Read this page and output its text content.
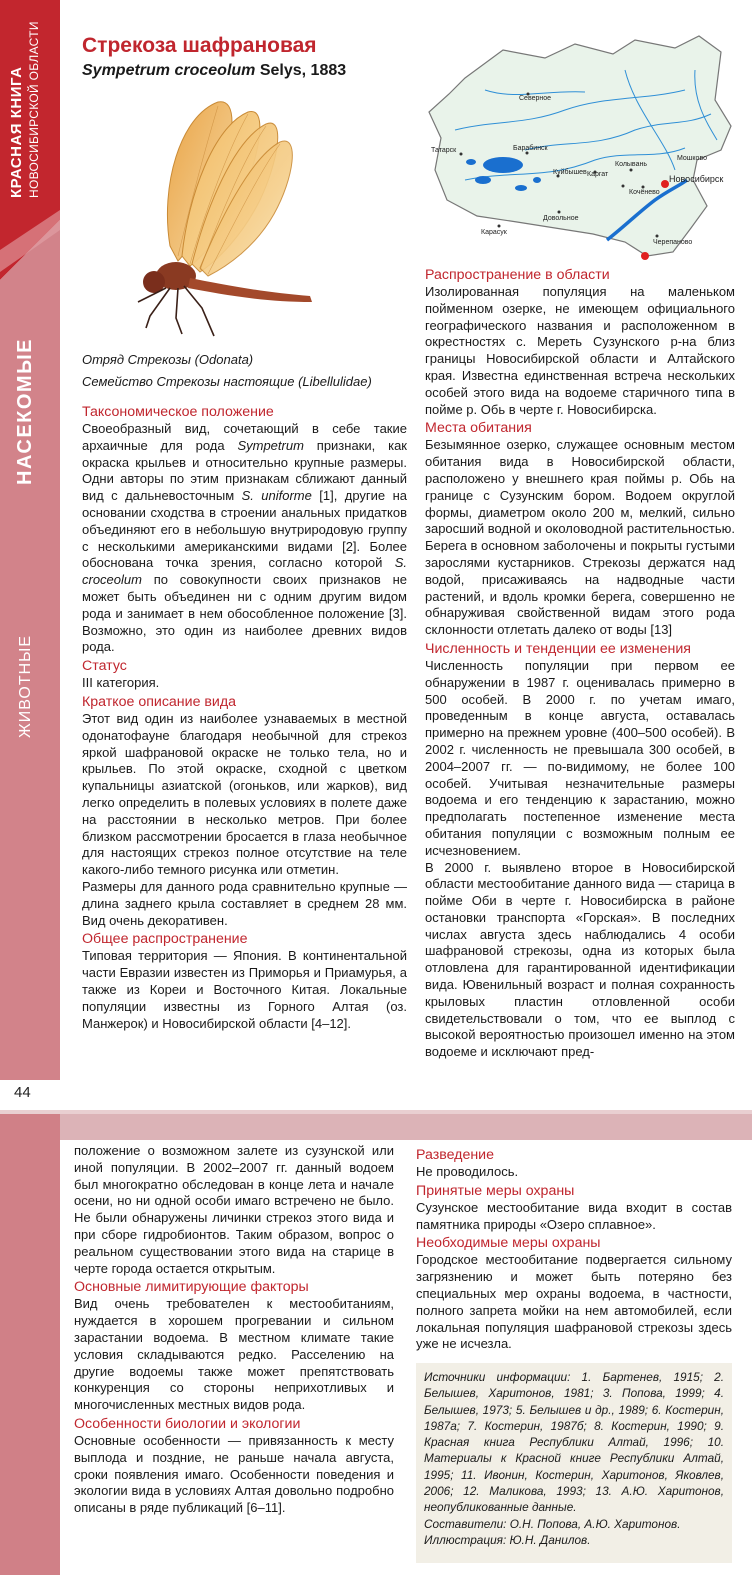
КРАСНАЯ КНИГА НОВОСИБИРСКОЙ ОБЛАСТИ
НАСЕКОМЫЕ
ЖИВОТНЫЕ
44
Стрекоза шафрановая
Sympetrum croceolum Selys, 1883
Отряд Стрекозы (Odonata)
Семейство Стрекозы настоящие (Libellulidae)
Северное
Татарск	Барабинск
Куйбышев Каргат
Колывань
Мошково
Новосибирск
Кочёнево
Довольное
Карасук
Черепаново
Таксономическое положение

Своеобразный вид, сочетающий в себе такие архаичные для рода Sympetrum признаки, как окраска крыльев и относительно крупные размеры. Одни авторы по этим признакам сближают данный вид с дальневосточным S. uniforme [1], другие на основании сходства в строении анальных придатков объединяют его в небольшую внутриродовую группу с несколькими американскими видами [2]. Более обоснована точка зрения, согласно которой S. croceolum по совокупности своих признаков не может быть объединен ни с одним другим видом рода и занимает в нем обособленное положение [3]. Возможно, это один из наиболее древних видов рода.

Статус

III категория.

Краткое описание вида

Этот вид один из наиболее узнаваемых в местной одонатофауне благодаря необычной для стрекоз яркой шафрановой окраске не только тела, но и крыльев. По этой окраске, сходной с цветком купальницы азиатской (огоньков, или жарков), вид легко определить в полевых условиях в полете даже на расстоянии в несколько метров. При более близком рассмотрении бросается в глаза необычное для настоящих стрекоз полное отсутствие на теле какого-либо темного рисунка или отметин.

Размеры для данного рода сравнительно крупные — длина заднего крыла составляет в среднем 28 мм. Вид очень декоративен.

Общее распространение

Типовая территория — Япония. В континентальной части Евразии известен из Приморья и Приамурья, а также из Кореи и Восточного Китая. Локальные популяции известны из Горного Алтая (оз. Манжерок) и Новосибирской области [4–12].

Распространение в области

Изолированная популяция на маленьком пойменном озерке, не имеющем официального географического названия и расположенном в окрестностях с. Мереть Сузунского р-на близ границы Новосибирской области и Алтайского края. Известна единственная встреча нескольких особей этого вида на водоеме старичного типа в пойме р. Обь в черте г. Новосибирска.

Места обитания

Безымянное озерко, служащее основным местом обитания вида в Новосибирской области, расположено у внешнего края поймы р. Обь на границе с Сузунским бором. Водоем округлой формы, диаметром около 200 м, мелкий, сильно заросший водной и околоводной растительностью. Берега в основном заболочены и покрыты густыми зарослями кустарников. Стрекозы держатся над водой, присаживаясь на надводные части растений, и вдоль кромки берега, совершенно не обнаруживая свойственной видам этого рода склонности отлетать далеко от воды [13]

Численность и тенденции ее изменения

Численность популяции при первом ее обнаружении в 1987 г. оценивалась примерно в 500 особей. В 2000 г. по учетам имаго, проведенным в конце августа, оставалась примерно на прежнем уровне (400–500 особей). В 2002 г. численность не превышала 300 особей, в 2004–2007 гг. — по-видимому, не более 100 особей. Учитывая незначительные размеры водоема и его тенденцию к зарастанию, можно предполагать постепенное изменение места обитания популяции с возможным полным ее исчезновением.

В 2000 г. выявлено второе в Новосибирской области местообитание данного вида — старица в пойме Оби в черте г. Новосибирска в районе остановки транспорта «Горская». В последних числах августа здесь наблюдались 4 особи шафрановой стрекозы, одна из которых была отловлена для гарантированной идентификации вида. Ювенильный возраст и полная сохранность крыловых пластин отловленной особи свидетельствовали о том, что ее выплод с высокой вероятностью произошел именно на этом водоеме и исключают пред-

положение о возможном залете из сузунской или иной популяции. В 2002–2007 гг. данный водоем был многократно обследован в конце лета и начале осени, но ни одной особи имаго встречено не было. Не были обнаружены личинки стрекоз этого вида и при сборе гидробионтов. Таким образом, вопрос о реальном существовании этого вида на старице в черте города остается открытым.

Основные лимитирующие факторы

Вид очень требователен к местообитаниям, нуждается в хорошем прогревании и сильном зарастании водоема. В местном климате такие условия складываются редко. Расселению на другие водоемы также может препятствовать конкуренция со стороны неприхотливых и многочисленных местных видов рода.

Особенности биологии и экологии

Основные особенности — привязанность к месту выплода и поздние, не раньше начала августа, сроки появления имаго. Особенности поведения и экологии вида в условиях Алтая довольно подробно описаны в ряде публикаций [6–11].

Разведение

Не проводилось.

Принятые меры охраны

Сузунское местообитание вида входит в состав памятника природы «Озеро сплавное».

Необходимые меры охраны

Городское местообитание подвергается сильному загрязнению и может быть потеряно без специальных мер охраны водоема, в частности, полного запрета мойки на нем автомобилей, если локальная популяция шафрановой стрекозы здесь уже не исчезла.

Источники информации: 1. Бартенев, 1915; 2. Белышев, Харитонов, 1981; 3. Попова, 1999; 4. Белышев, 1973; 5. Белышев и др., 1989; 6. Костерин, 1987а; 7. Костерин, 1987б; 8. Костерин, 1990; 9. Красная книга Республики Алтай, 1996; 10. Материалы к Красной книге Республики Алтай, 1995; 11. Ивонин, Костерин, Харитонов, Яковлев, 2006; 12. Маликова, 1993; 13. А.Ю. Харитонов, неопубликованные данные.

Составители: О.Н. Попова, А.Ю. Харитонов.

Иллюстрация: Ю.Н. Данилов.
